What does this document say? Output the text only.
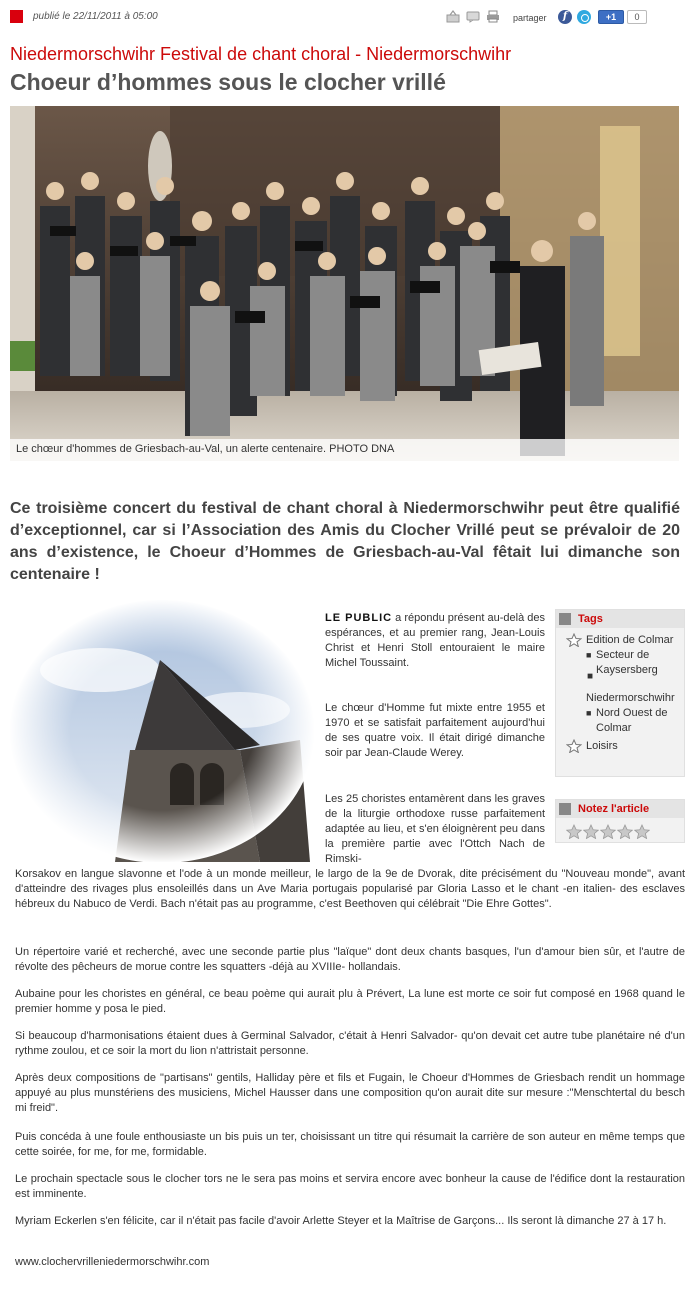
publié le 22/11/2011 à 05:00	partager	f	+1	0
Niedermorschwihr Festival de chant choral - Niedermorschwihr
Choeur d’hommes sous le clocher vrillé
Le chœur d'hommes de Griesbach-au-Val, un alerte centenaire. PHOTO DNA

Ce troisième concert du festival de chant choral à Niedermorschwihr peut être qualifié d’exceptionnel, car si l’Association des Amis du Clocher Vrillé peut se prévaloir de 20 ans d’existence, le Choeur d’Hommes de Griesbach-au-Val fêtait lui dimanche son centenaire !

LE PUBLIC a répondu présent au-delà des espérances, et au premier rang, Jean-Louis Christ et Henri Stoll entouraient le maire Michel Toussaint.

Le chœur d'Homme fut mixte entre 1955 et 1970 et se satisfait parfaitement aujourd'hui de ses quatre voix. Il était dirigé dimanche soir par Jean-Claude Werey.

Les 25 choristes entamèrent dans les graves de la liturgie orthodoxe russe parfaitement adaptée au lieu, et s'en éloignèrent peu dans la première partie avec l'Ottch Nach de Rimski-

Tags
Edition de Colmar
■ Secteur de Kaysersberg
■
Niedermorschwihr
■ Nord Ouest de Colmar
Loisirs
Notez l'article

Korsakov en langue slavonne et l'ode à un monde meilleur, le largo de la 9e de Dvorak, dite précisément du "Nouveau monde", avant d'atteindre des rivages plus ensoleillés dans un Ave Maria portugais popularisé par Gloria Lasso et le chant -en italien- des esclaves hébreux du Nabuco de Verdi. Bach n'était pas au programme, c'est Beethoven qui célébrait "Die Ehre Gottes".

Un répertoire varié et recherché, avec une seconde partie plus "laïque" dont deux chants basques, l'un d'amour bien sûr, et l'autre de révolte des pêcheurs de morue contre les squatters -déjà au XVIIIe- hollandais.

Aubaine pour les choristes en général, ce beau poème qui aurait plu à Prévert, La lune est morte ce soir fut composé en 1968 quand le premier homme y posa le pied.

Si beaucoup d'harmonisations étaient dues à Germinal Salvador, c'était à Henri Salvador- qu'on devait cet autre tube planétaire né d'un rythme zoulou, et ce soir la mort du lion n'attristait personne.

Après deux compositions de "partisans" gentils, Halliday père et fils et Fugain, le Choeur d'Hommes de Griesbach rendit un hommage appuyé au plus munstériens des musiciens, Michel Hausser dans une composition qu'on aurait dite sur mesure :"Menschtertal du besch mi freid".

Puis concéda à une foule enthousiaste un bis puis un ter, choisissant un titre qui résumait la carrière de son auteur en même temps que cette soirée, for me, for me, formidable.

Le prochain spectacle sous le clocher tors ne le sera pas moins et servira encore avec bonheur la cause de l'édifice dont la restauration est imminente.

Myriam Eckerlen s'en félicite, car il n'était pas facile d'avoir Arlette Steyer et la Maîtrise de Garçons... Ils seront là dimanche 27 à 17 h.

www.clochervrilleniedermorschwihr.com
